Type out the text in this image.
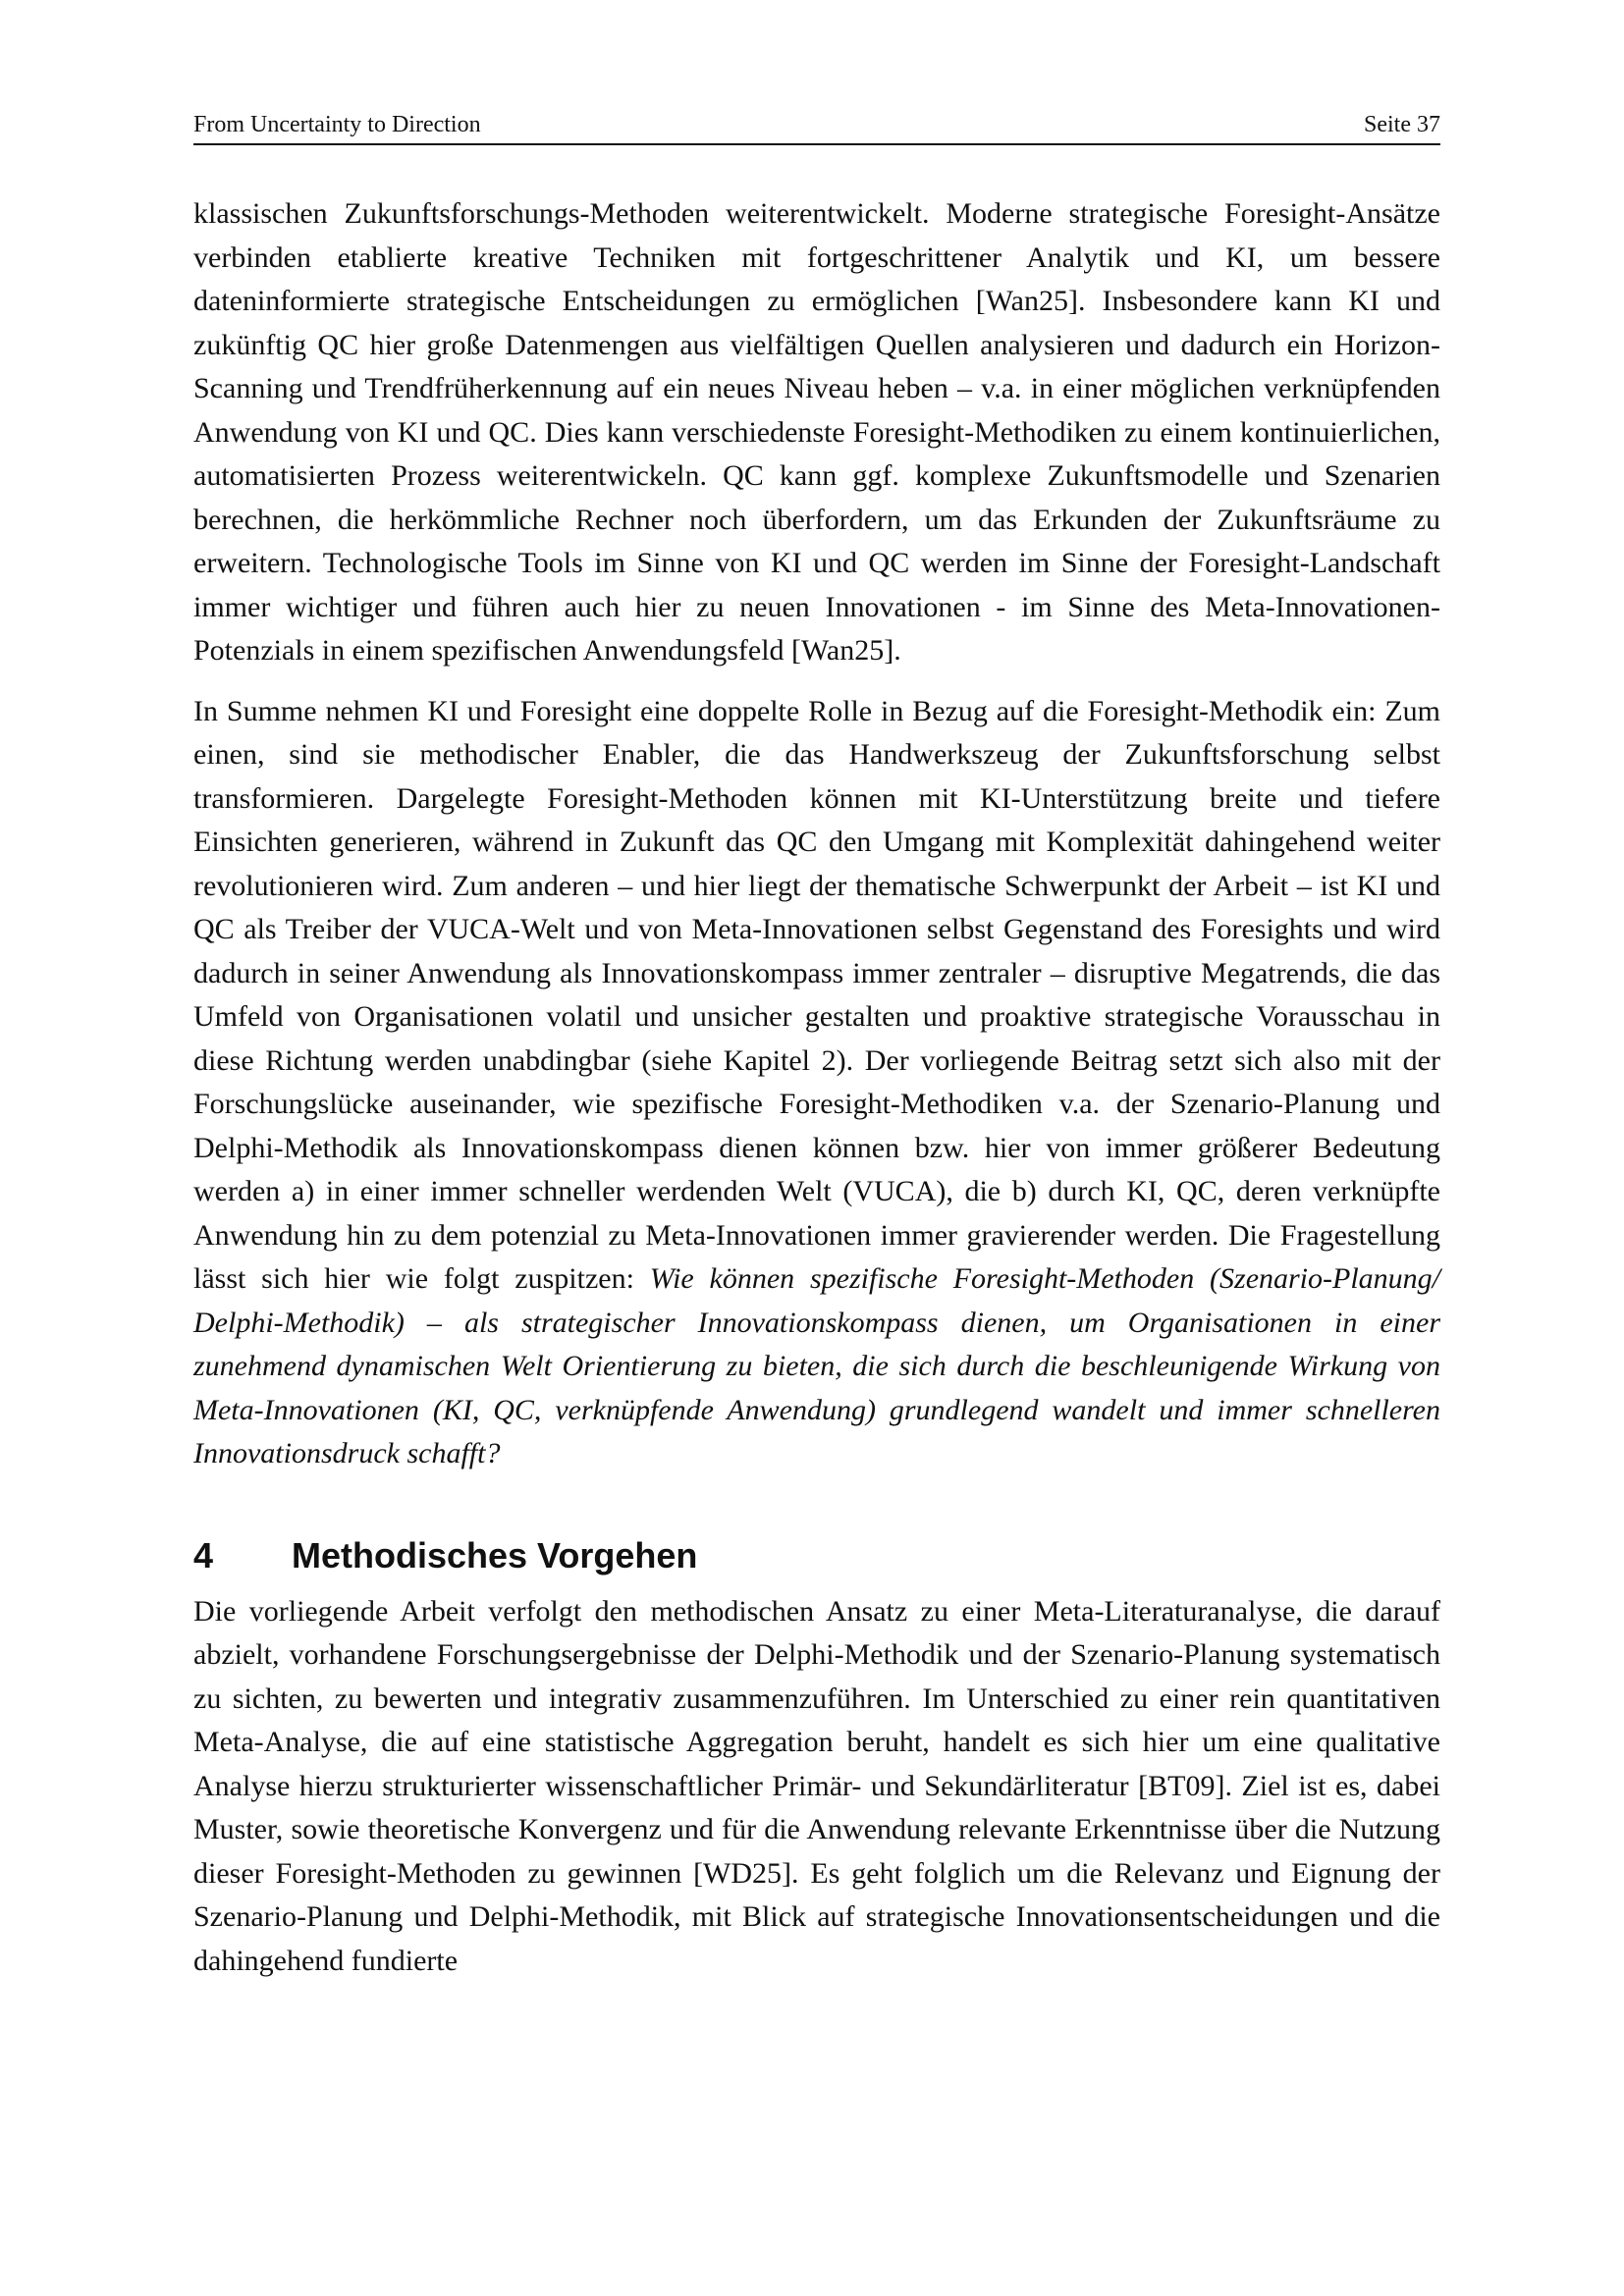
From Uncertainty to Direction	Seite 37

klassischen Zukunftsforschungs-Methoden weiterentwickelt. Moderne strategische Foresight-Ansätze verbinden etablierte kreative Techniken mit fortgeschrittener Analytik und KI, um bessere dateninformierte strategische Entscheidungen zu ermöglichen [Wan25]. Insbesondere kann KI und zukünftig QC hier große Datenmengen aus vielfältigen Quellen analysieren und dadurch ein Horizon-Scanning und Trendfrüherkennung auf ein neues Niveau heben – v.a. in einer möglichen verknüpfenden Anwendung von KI und QC. Dies kann verschiedenste Foresight-Methodiken zu einem kontinuierlichen, automatisierten Prozess weiterentwickeln. QC kann ggf. komplexe Zukunftsmodelle und Szenarien berechnen, die herkömmliche Rechner noch überfordern, um das Erkunden der Zukunftsräume zu erweitern. Technologische Tools im Sinne von KI und QC werden im Sinne der Foresight-Landschaft immer wichtiger und führen auch hier zu neuen Innovationen - im Sinne des Meta-Innovationen-Potenzials in einem spezifischen Anwendungsfeld [Wan25].

In Summe nehmen KI und Foresight eine doppelte Rolle in Bezug auf die Foresight-Methodik ein: Zum einen, sind sie methodischer Enabler, die das Handwerkszeug der Zukunftsforschung selbst transformieren. Dargelegte Foresight-Methoden können mit KI-Unterstützung breite und tiefere Einsichten generieren, während in Zukunft das QC den Umgang mit Komplexität dahingehend weiter revolutionieren wird. Zum anderen – und hier liegt der thematische Schwerpunkt der Arbeit – ist KI und QC als Treiber der VUCA-Welt und von Meta-Innovationen selbst Gegenstand des Foresights und wird dadurch in seiner Anwendung als Innovationskompass immer zentraler – disruptive Megatrends, die das Umfeld von Organisationen volatil und unsicher gestalten und proaktive strategische Vorausschau in diese Richtung werden unabdingbar (siehe Kapitel 2). Der vorliegende Beitrag setzt sich also mit der Forschungslücke auseinander, wie spezifische Foresight-Methodiken v.a. der Szenario-Planung und Delphi-Methodik als Innovationskompass dienen können bzw. hier von immer größerer Bedeutung werden a) in einer immer schneller werdenden Welt (VUCA), die b) durch KI, QC, deren verknüpfte Anwendung hin zu dem potenzial zu Meta-Innovationen immer gravierender werden. Die Fragestellung lässt sich hier wie folgt zuspitzen: Wie können spezifische Foresight-Methoden (Szenario-Planung/ Delphi-Methodik) – als strategischer Innovationskompass dienen, um Organisationen in einer zunehmend dynamischen Welt Orientierung zu bieten, die sich durch die beschleunigende Wirkung von Meta-Innovationen (KI, QC, verknüpfende Anwendung) grundlegend wandelt und immer schnelleren Innovationsdruck schafft?

4 Methodisches Vorgehen

Die vorliegende Arbeit verfolgt den methodischen Ansatz zu einer Meta-Literaturanalyse, die darauf abzielt, vorhandene Forschungsergebnisse der Delphi-Methodik und der Szenario-Planung systematisch zu sichten, zu bewerten und integrativ zusammenzuführen. Im Unterschied zu einer rein quantitativen Meta-Analyse, die auf eine statistische Aggregation beruht, handelt es sich hier um eine qualitative Analyse hierzu strukturierter wissenschaftlicher Primär- und Sekundärliteratur [BT09]. Ziel ist es, dabei Muster, sowie theoretische Konvergenz und für die Anwendung relevante Erkenntnisse über die Nutzung dieser Foresight-Methoden zu gewinnen [WD25]. Es geht folglich um die Relevanz und Eignung der Szenario-Planung und Delphi-Methodik, mit Blick auf strategische Innovationsentscheidungen und die dahingehend fundierte
